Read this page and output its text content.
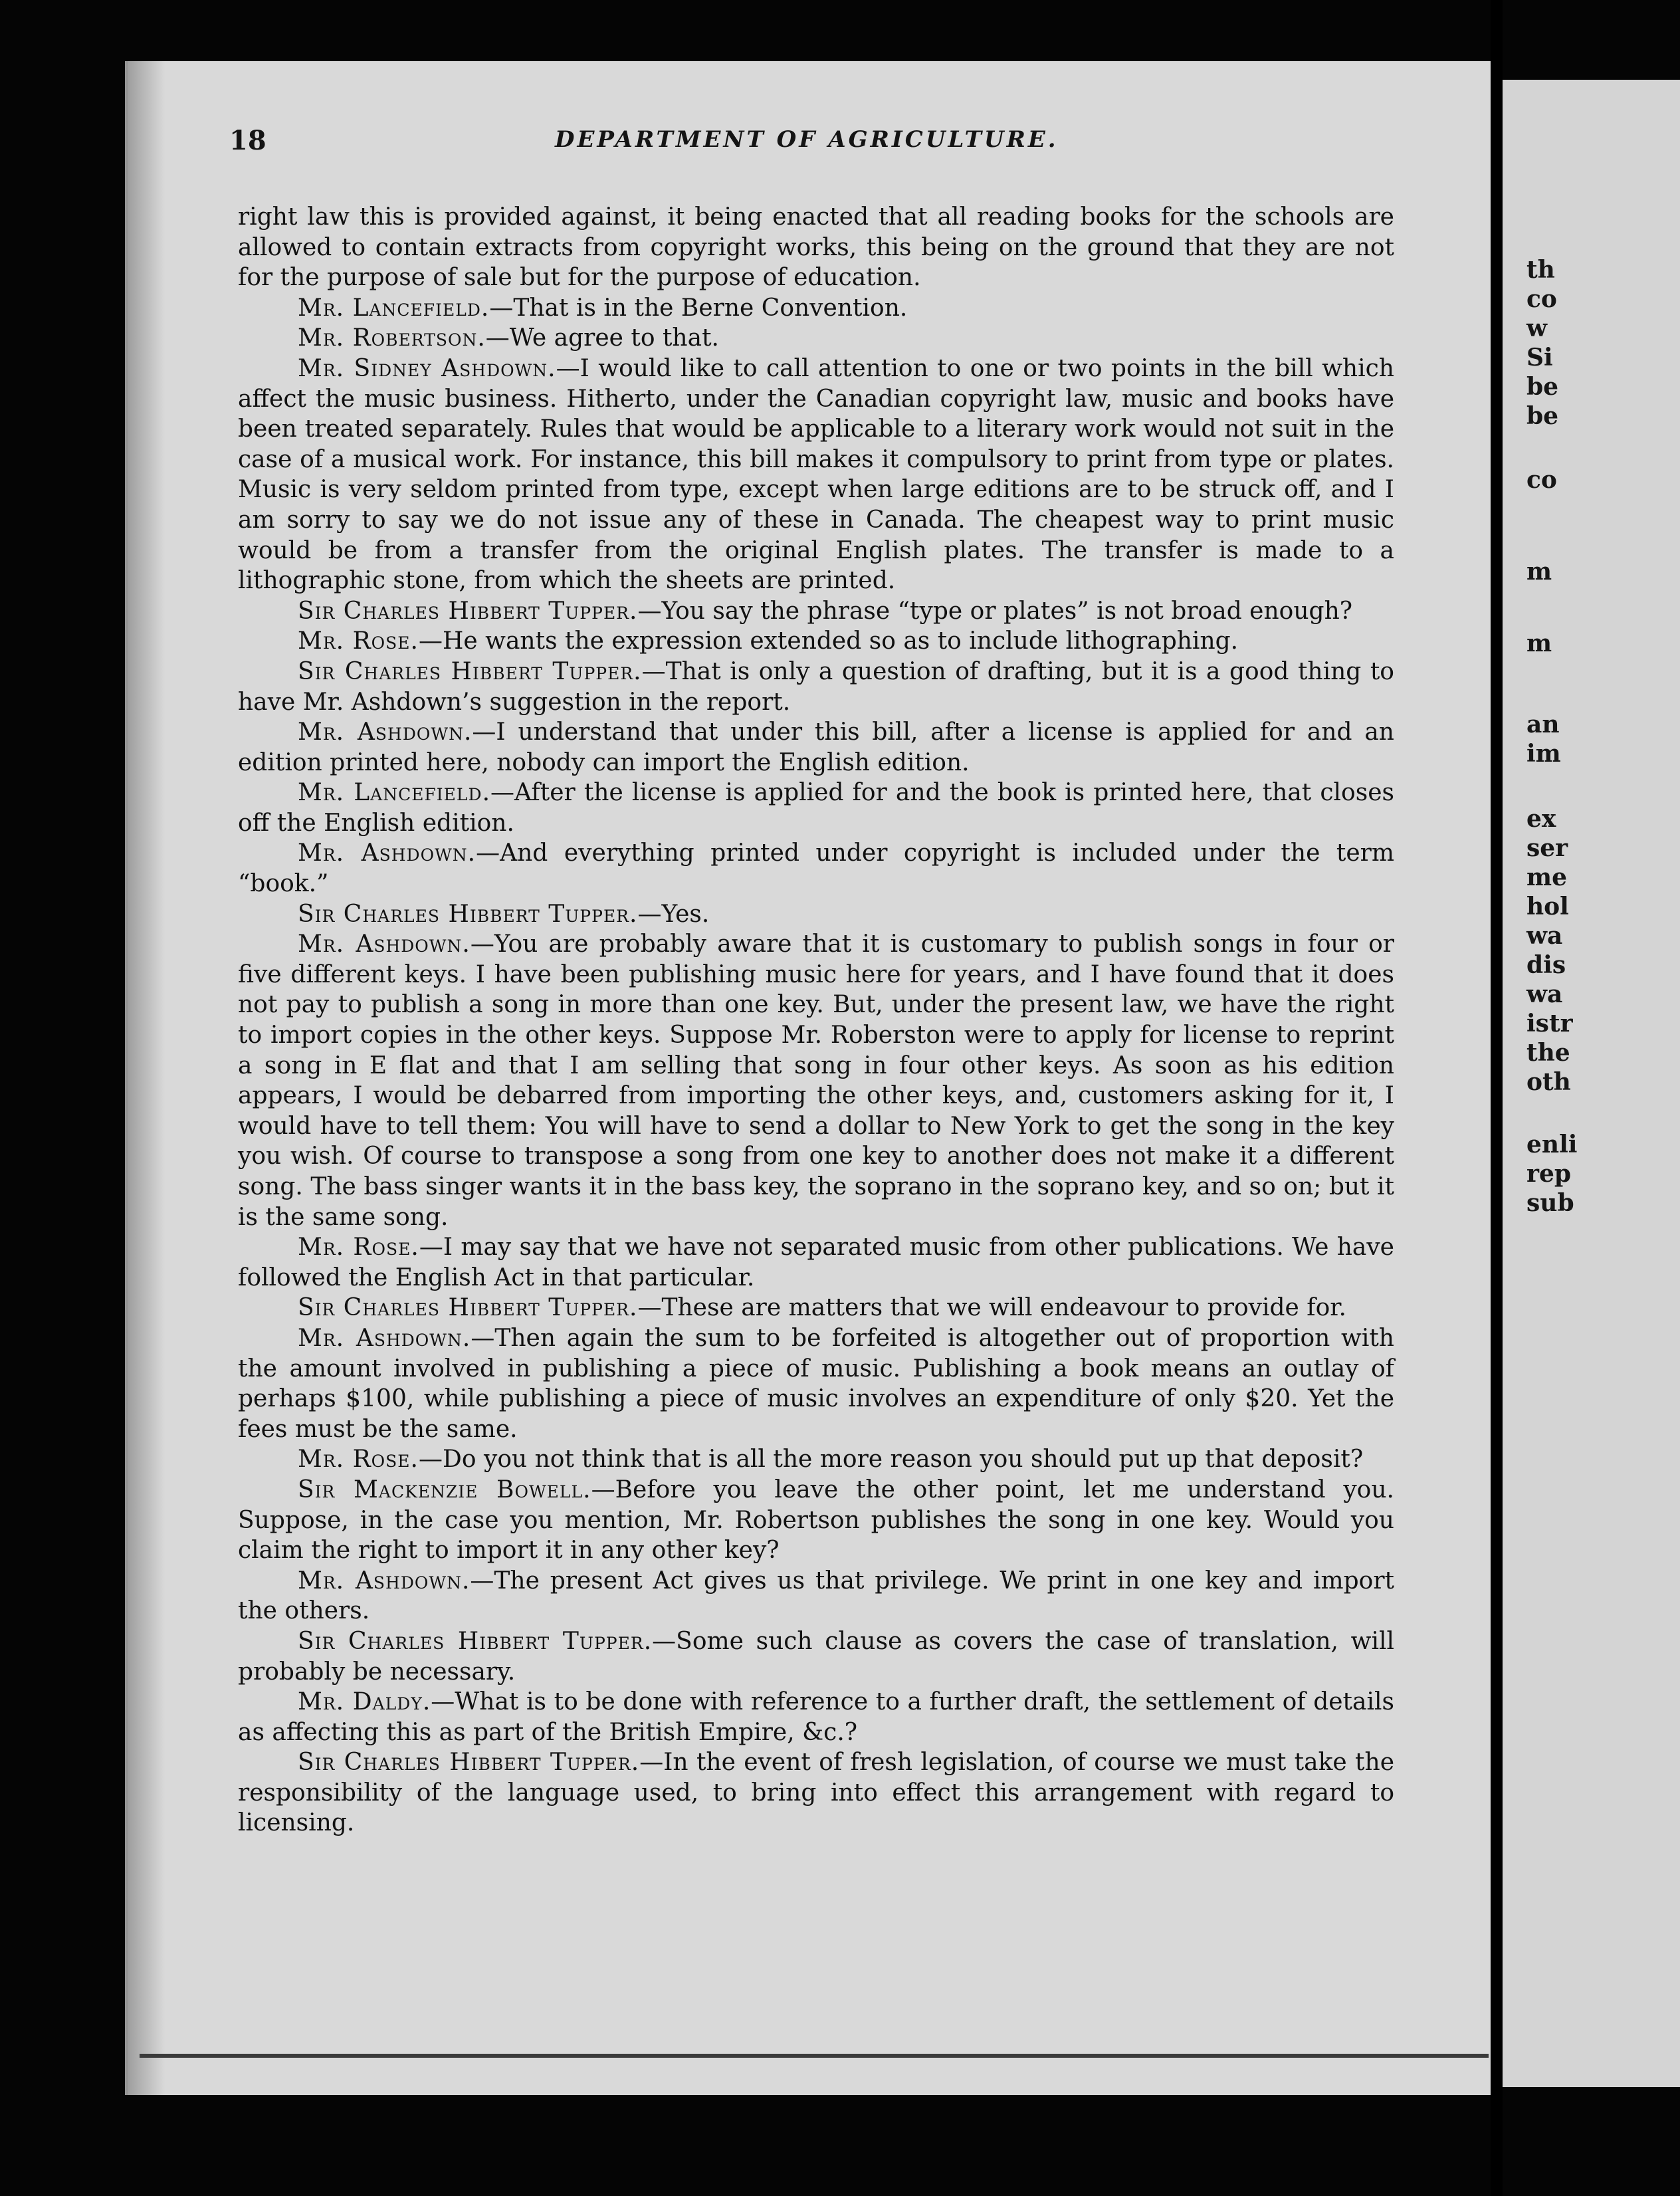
th
co
w
Si
be
be
co
m
m
an
im
ex
ser
me
hol
wa
dis
wa
istr
the
oth
enli
rep
sub
18	DEPARTMENT OF AGRICULTURE.

right law this is provided against, it being enacted that all reading books for the schools are allowed to contain extracts from copyright works, this being on the ground that they are not for the purpose of sale but for the purpose of education.

Mr. Lancefield.—That is in the Berne Convention.

Mr. Robertson.—We agree to that.

Mr. Sidney Ashdown.—I would like to call attention to one or two points in the bill which affect the music business. Hitherto, under the Canadian copyright law, music and books have been treated separately. Rules that would be applicable to a literary work would not suit in the case of a musical work. For instance, this bill makes it compulsory to print from type or plates. Music is very seldom printed from type, except when large editions are to be struck off, and I am sorry to say we do not issue any of these in Canada. The cheapest way to print music would be from a transfer from the original English plates. The transfer is made to a lithographic stone, from which the sheets are printed.

Sir Charles Hibbert Tupper.—You say the phrase “type or plates” is not broad enough?

Mr. Rose.—He wants the expression extended so as to include lithographing.

Sir Charles Hibbert Tupper.—That is only a question of drafting, but it is a good thing to have Mr. Ashdown’s suggestion in the report.

Mr. Ashdown.—I understand that under this bill, after a license is applied for and an edition printed here, nobody can import the English edition.

Mr. Lancefield.—After the license is applied for and the book is printed here, that closes off the English edition.

Mr. Ashdown.—And everything printed under copyright is included under the term “book.”

Sir Charles Hibbert Tupper.—Yes.

Mr. Ashdown.—You are probably aware that it is customary to publish songs in four or five different keys. I have been publishing music here for years, and I have found that it does not pay to publish a song in more than one key. But, under the present law, we have the right to import copies in the other keys. Suppose Mr. Roberston were to apply for license to reprint a song in E flat and that I am selling that song in four other keys. As soon as his edition appears, I would be debarred from importing the other keys, and, customers asking for it, I would have to tell them: You will have to send a dollar to New York to get the song in the key you wish. Of course to transpose a song from one key to another does not make it a different song. The bass singer wants it in the bass key, the soprano in the soprano key, and so on; but it is the same song.

Mr. Rose.—I may say that we have not separated music from other publications. We have followed the English Act in that particular.

Sir Charles Hibbert Tupper.—These are matters that we will endeavour to provide for.

Mr. Ashdown.—Then again the sum to be forfeited is altogether out of proportion with the amount involved in publishing a piece of music. Publishing a book means an outlay of perhaps $100, while publishing a piece of music involves an expenditure of only $20. Yet the fees must be the same.

Mr. Rose.—Do you not think that is all the more reason you should put up that deposit?

Sir Mackenzie Bowell.—Before you leave the other point, let me understand you. Suppose, in the case you mention, Mr. Robertson publishes the song in one key. Would you claim the right to import it in any other key?

Mr. Ashdown.—The present Act gives us that privilege. We print in one key and import the others.

Sir Charles Hibbert Tupper.—Some such clause as covers the case of translation, will probably be necessary.

Mr. Daldy.—What is to be done with reference to a further draft, the settlement of details as affecting this as part of the British Empire, &c.?

Sir Charles Hibbert Tupper.—In the event of fresh legislation, of course we must take the responsibility of the language used, to bring into effect this arrangement with regard to licensing.
